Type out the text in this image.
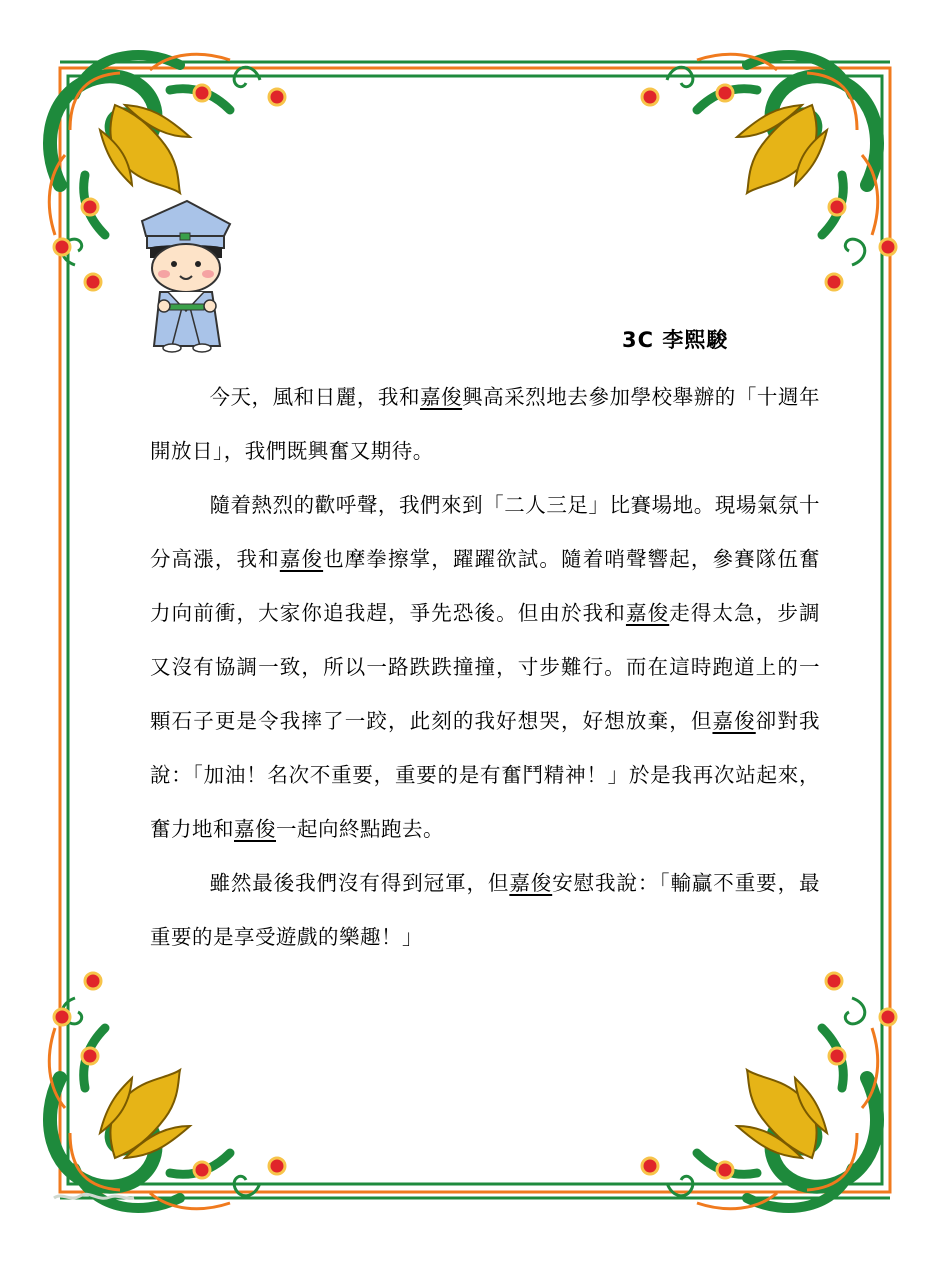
3C 李熙駿

今天，風和日麗，我和嘉俊興高采烈地去參加學校舉辦的「十週年開放日」，我們既興奮又期待。

隨着熱烈的歡呼聲，我們來到「二人三足」比賽場地。現場氣氛十分高漲，我和嘉俊也摩拳擦掌，躍躍欲試。隨着哨聲響起，參賽隊伍奮力向前衝，大家你追我趕，爭先恐後。但由於我和嘉俊走得太急，步調又沒有協調一致，所以一路跌跌撞撞，寸步難行。而在這時跑道上的一顆石子更是令我摔了一跤，此刻的我好想哭，好想放棄，但嘉俊卻對我說：「加油！名次不重要，重要的是有奮鬥精神！」於是我再次站起來，奮力地和嘉俊一起向終點跑去。

雖然最後我們沒有得到冠軍，但嘉俊安慰我說：「輸贏不重要，最重要的是享受遊戲的樂趣！」
